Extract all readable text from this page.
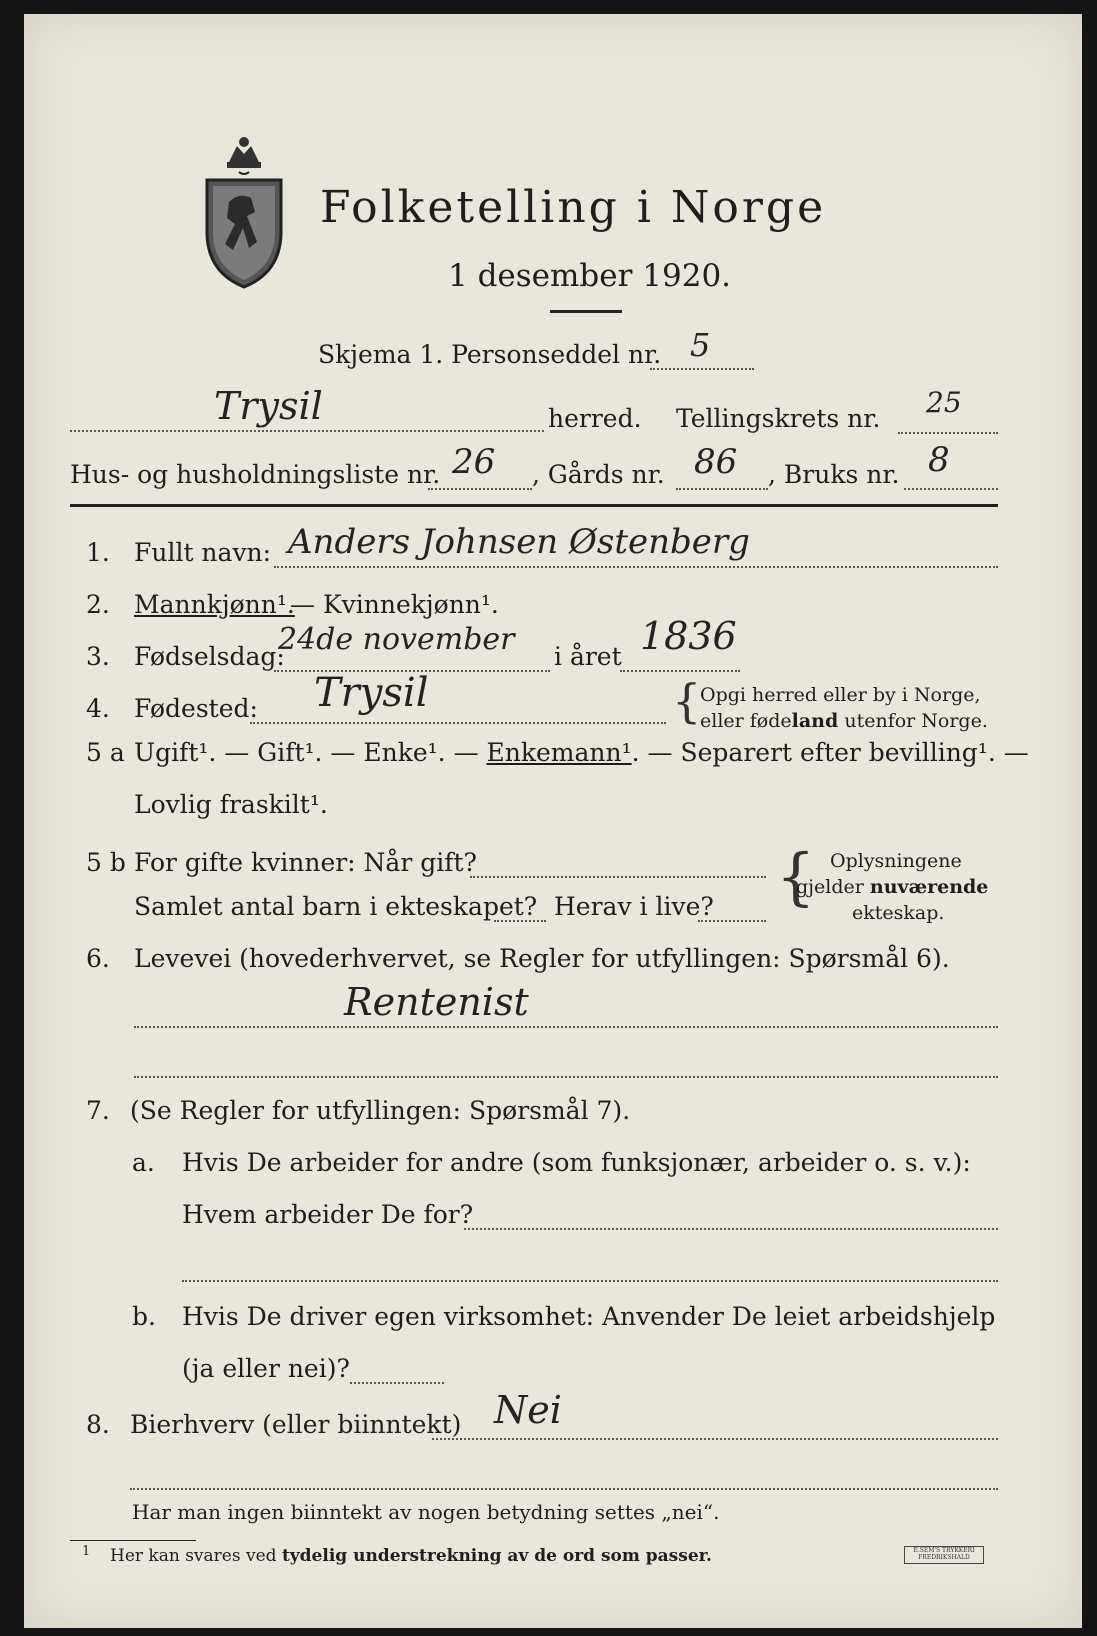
Folketelling i Norge
1 desember 1920.
Skjema 1. Personseddel nr. 5
Trysil	herred. Tellingskrets nr. 25
Hus- og husholdningsliste nr. 26 , Gårds nr. 86 , Bruks nr. 8
1. Fullt navn: Anders Johnsen Østenberg
2. Mannkjønn¹.
— Kvinnekjønn¹.
3. Fødselsdag:
24de november i året 1836
4. Fødested: Trysil	{
Opgi herred eller by i Norge,
eller fødeland utenfor Norge.
5 a Ugift¹. — Gift¹. — Enke¹. — Enkemann¹. — Separert efter bevilling¹. —
Lovlig fraskilt¹.
5 b For gifte kvinner: Når gift?
Samlet antal barn i ekteskapet? Herav i live? { Oplysningene
gjelder nuværende
ekteskap.
6. Levevei (hovederhvervet, se Regler for utfyllingen: Spørsmål 6).
Rentenist
7. (Se Regler for utfyllingen: Spørsmål 7).
a. Hvis De arbeider for andre (som funksjonær, arbeider o. s. v.):
Hvem arbeider De for?
b. Hvis De driver egen virksomhet: Anvender De leiet arbeidshjelp
(ja eller nei)?
8. Bierhverv (eller biinntekt) Nei
Har man ingen biinntekt av nogen betydning settes „nei“.
1 Her kan svares ved tydelig understrekning av de ord som passer.	E.SEM'S TRYKKERI FREDRIKSHALD
